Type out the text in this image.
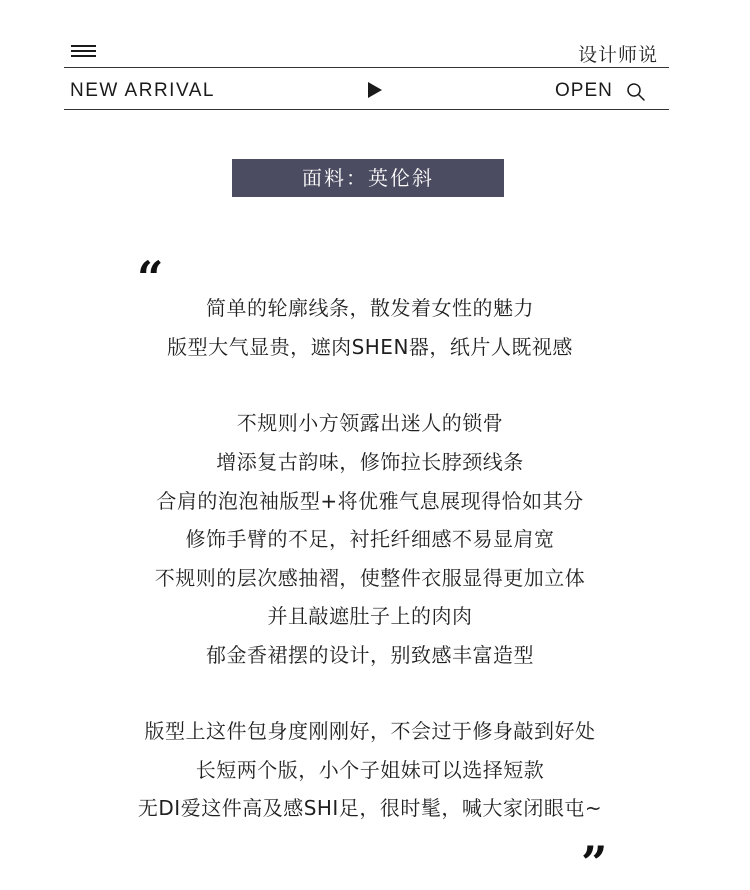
设计师说
NEW ARRIVAL	OPEN
面料：英伦斜
“
简单的轮廓线条，散发着女性的魅力
版型大气显贵，遮肉SHEN器，纸片人既视感
不规则小方领露出迷人的锁骨
增添复古韵味，修饰拉长脖颈线条
合肩的泡泡袖版型+将优雅气息展现得恰如其分
修饰手臂的不足，衬托纤细感不易显肩宽
不规则的层次感抽褶，使整件衣服显得更加立体
并且敲遮肚子上的肉肉
郁金香裙摆的设计，别致感丰富造型
版型上这件包身度刚刚好，不会过于修身敲到好处
长短两个版，小个子姐妹可以选择短款
无DI爱这件高及感SHI足，很时髦，喊大家闭眼屯~
”
